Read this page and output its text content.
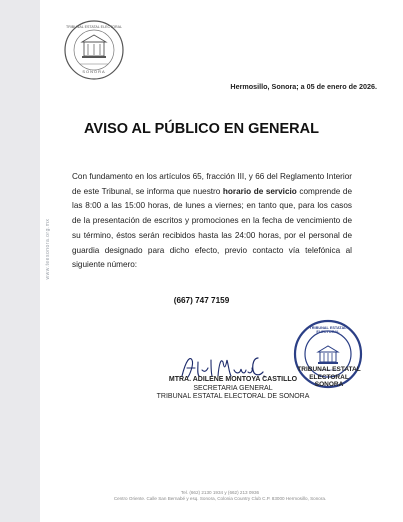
www.teesonora.org.mx
TRIBUNAL ESTATAL ELECTORAL
SONORA
Hermosillo, Sonora; a 05 de enero de 2026.
AVISO AL PÚBLICO EN GENERAL
Con fundamento en los artículos 65, fracción III, y 66 del Reglamento Interior de este Tribunal, se informa que nuestro horario de servicio comprende de las 8:00 a las 15:00 horas, de lunes a viernes; en tanto que, para los casos de la presentación de escritos y promociones en la fecha de vencimiento de su término, éstos serán recibidos hasta las 24:00 horas, por el personal de guardia designado para dicho efecto, previo contacto vía telefónica al siguiente número:
(667) 747 7159
MTRA. ADILENE MONTOYA CASTILLO
SECRETARIA GENERAL
TRIBUNAL ESTATAL ELECTORAL DE SONORA
TRIBUNAL ESTATAL ELECTORAL
TRIBUNAL ESTATAL
ELECTORAL
SONORA
Tel. (662) 2130 1934 y (662) 213 0936
Centro Oriente. Calle San Bernabé y esq. Sonora, Colonia Country Club C.P. 83000 Hermosillo, Sonora.
